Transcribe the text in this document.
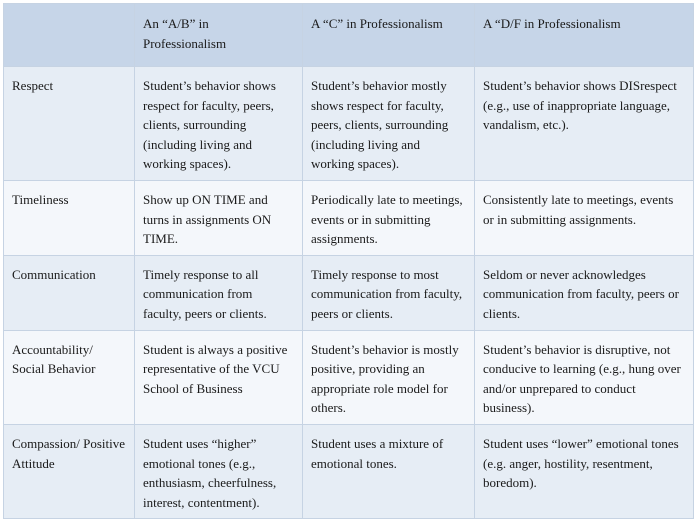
	An “A/B” in Professionalism	A “C” in Professionalism	A “D/F in Professionalism
Respect	Student’s behavior shows respect for faculty, peers, clients, surrounding (including living and working spaces).	Student’s behavior mostly shows respect for faculty, peers, clients, surrounding (including living and working spaces).	Student’s behavior shows DISrespect (e.g., use of inappropriate language, vandalism, etc.).
Timeliness	Show up ON TIME and turns in assignments ON TIME.	Periodically late to meetings, events or in submitting assignments.	Consistently late to meetings, events or in submitting assignments.
Communication	Timely response to all communication from faculty, peers or clients.	Timely response to most communication from faculty, peers or clients.	Seldom or never acknowledges communication from faculty, peers or clients.
Accountability/ Social Behavior	Student is always a positive representative of the VCU School of Business	Student’s behavior is mostly positive, providing an appropriate role model for others.	Student’s behavior is disruptive, not conducive to learning (e.g., hung over and/or unprepared to conduct business).
Compassion/ Positive Attitude	Student uses “higher” emotional tones (e.g., enthusiasm, cheerfulness, interest, contentment).	Student uses a mixture of emotional tones.	Student uses “lower” emotional tones (e.g. anger, hostility, resentment, boredom).
